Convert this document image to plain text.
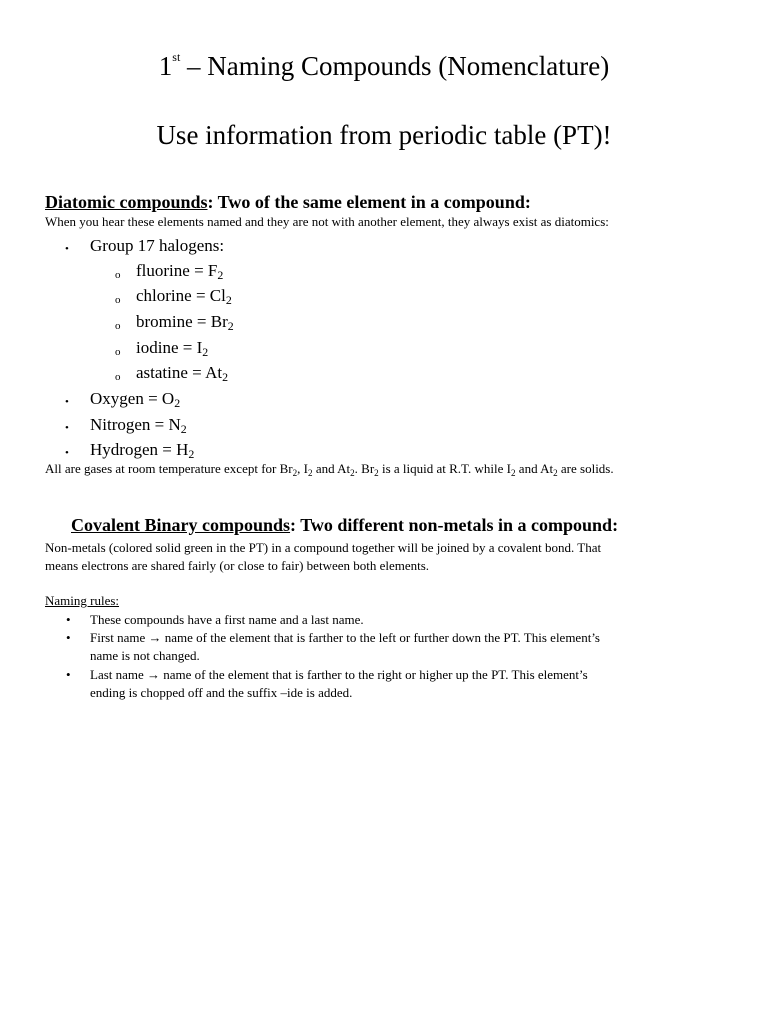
1st – Naming Compounds (Nomenclature)
Use information from periodic table (PT)!
Diatomic compounds: Two of the same element in a compound:
When you hear these elements named and they are not with another element, they always exist as diatomics:
• Group 17 halogens:
o fluorine = $F_2$
o chlorine = $Cl_2$
o $bromine = Br_2$
o iodine = $I_2$
o astatine = $At_2$
• Oxygen = $O_2$
• Nitrogen = $N_2$
• Hydrogen = $H_2$
All are gases at room temperature except for $Br_2$, $I_2$ and $At_2$. $Br_2$ is a liquid at R.T. while $I_2$ and $At_2$ are solids.
Covalent Binary compounds: Two different non-metals in a compound:
Non-metals (colored solid green in the PT) in a compound together will be joined by a covalent bond. That
means electrons are shared fairly (or close to fair) between both elements.
Naming rules:
• These compounds have a first name and a last name.
• First name → name of the element that is farther to the left or further down the PT. This element’s
name is not changed.
• Last name → name of the element that is farther to the right or higher up the PT. This element’s
ending is chopped off and the suffix –ide is added.
